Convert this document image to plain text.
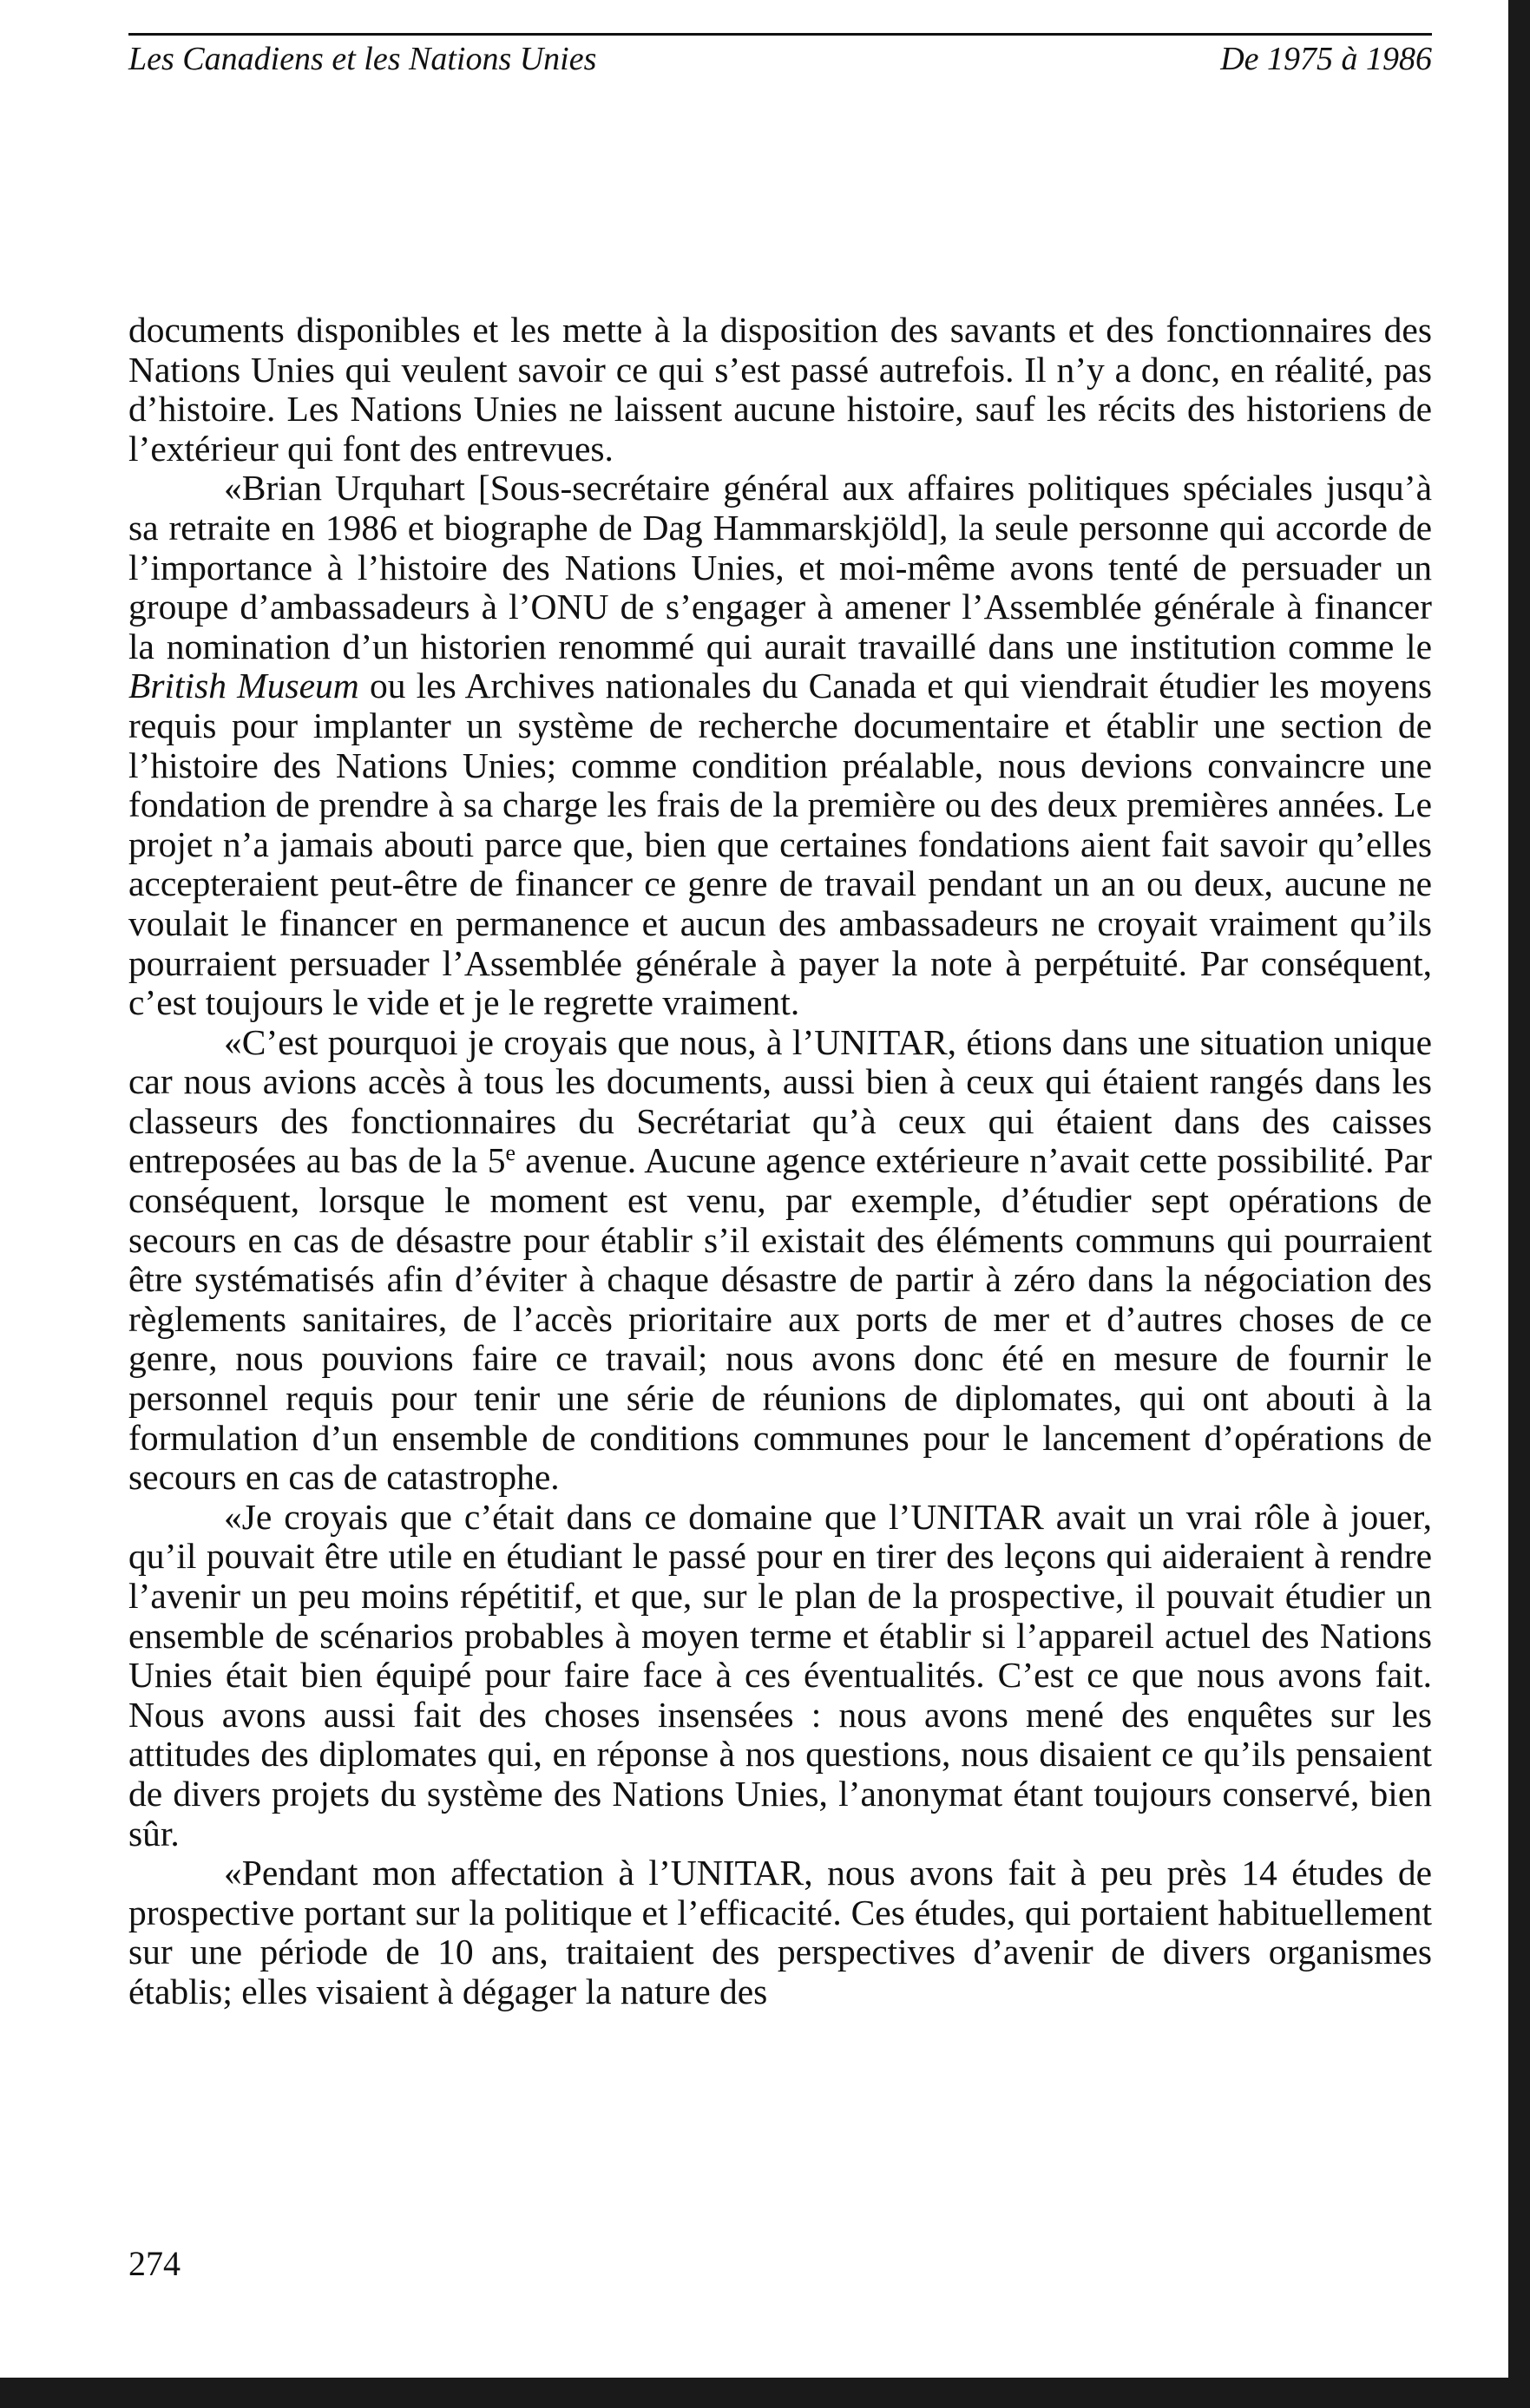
Les Canadiens et les Nations Unies	De 1975 à 1986

documents disponibles et les mette à la disposition des savants et des fonctionnaires des Nations Unies qui veulent savoir ce qui s’est passé autrefois. Il n’y a donc, en réalité, pas d’histoire. Les Nations Unies ne laissent aucune histoire, sauf les récits des historiens de l’extérieur qui font des entrevues.

«Brian Urquhart [Sous-secrétaire général aux affaires politiques spéciales jusqu’à sa retraite en 1986 et biographe de Dag Hammarskjöld], la seule personne qui accorde de l’importance à l’histoire des Nations Unies, et moi-même avons tenté de persuader un groupe d’ambassadeurs à l’ONU de s’engager à amener l’Assemblée générale à financer la nomination d’un historien renommé qui aurait travaillé dans une institution comme le British Museum ou les Archives nationales du Canada et qui viendrait étudier les moyens requis pour implanter un système de recherche documentaire et établir une section de l’histoire des Nations Unies; comme condition préalable, nous devions convaincre une fondation de prendre à sa charge les frais de la première ou des deux premières années. Le projet n’a jamais abouti parce que, bien que certaines fondations aient fait savoir qu’elles accepteraient peut-être de financer ce genre de travail pendant un an ou deux, aucune ne voulait le financer en permanence et aucun des ambassadeurs ne croyait vraiment qu’ils pourraient persuader l’Assemblée générale à payer la note à perpétuité. Par conséquent, c’est toujours le vide et je le regrette vraiment.

«C’est pourquoi je croyais que nous, à l’UNITAR, étions dans une situation unique car nous avions accès à tous les documents, aussi bien à ceux qui étaient rangés dans les classeurs des fonctionnaires du Secrétariat qu’à ceux qui étaient dans des caisses entreposées au bas de la 5e avenue. Aucune agence extérieure n’avait cette possibilité. Par conséquent, lorsque le moment est venu, par exemple, d’étudier sept opérations de secours en cas de désastre pour établir s’il existait des éléments communs qui pourraient être systématisés afin d’éviter à chaque désastre de partir à zéro dans la négociation des règlements sanitaires, de l’accès prioritaire aux ports de mer et d’autres choses de ce genre, nous pouvions faire ce travail; nous avons donc été en mesure de fournir le personnel requis pour tenir une série de réunions de diplomates, qui ont abouti à la formulation d’un ensemble de conditions communes pour le lancement d’opérations de secours en cas de catastrophe.

«Je croyais que c’était dans ce domaine que l’UNITAR avait un vrai rôle à jouer, qu’il pouvait être utile en étudiant le passé pour en tirer des leçons qui aideraient à rendre l’avenir un peu moins répétitif, et que, sur le plan de la prospective, il pouvait étudier un ensemble de scénarios probables à moyen terme et établir si l’appareil actuel des Nations Unies était bien équipé pour faire face à ces éventualités. C’est ce que nous avons fait. Nous avons aussi fait des choses insensées : nous avons mené des enquêtes sur les attitudes des diplomates qui, en réponse à nos questions, nous disaient ce qu’ils pensaient de divers projets du système des Nations Unies, l’anonymat étant toujours conservé, bien sûr.

«Pendant mon affectation à l’UNITAR, nous avons fait à peu près 14 études de prospective portant sur la politique et l’efficacité. Ces études, qui portaient habituellement sur une période de 10 ans, traitaient des perspectives d’avenir de divers organismes établis; elles visaient à dégager la nature des

274
